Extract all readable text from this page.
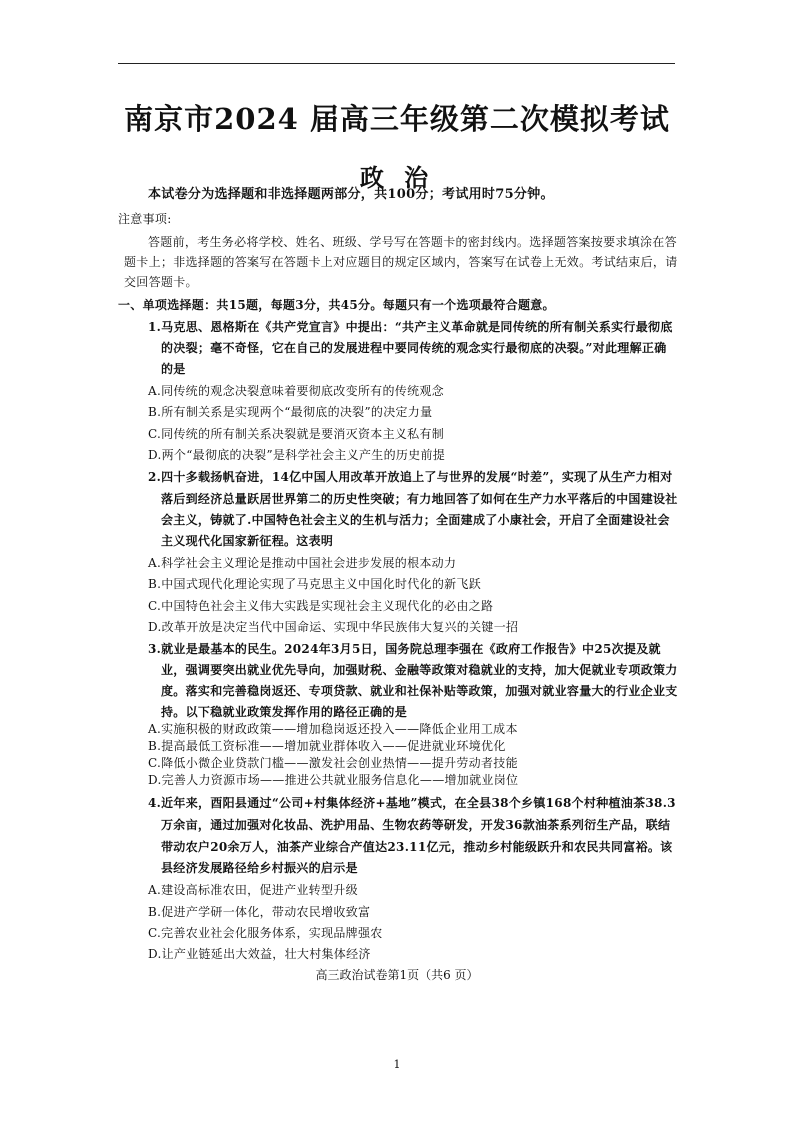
南京市2024 届高三年级第二次模拟考试
政 治
本试卷分为选择题和非选择题两部分，共100分；考试用时75分钟。
注意事项:
答题前，考生务必将学校、姓名、班级、学号写在答题卡的密封线内。选择题答案按要求填涂在答
题卡上；非选择题的答案写在答题卡上对应题目的规定区域内，答案写在试卷上无效。考试结束后，请
交回答题卡。
一、单项选择题：共15题，每题3分，共45分。每题只有一个选项最符合题意。
1.马克思、恩格斯在《共产党宣言》中提出：“共产主义革命就是同传统的所有制关系实行最彻底
的决裂；毫不奇怪，它在自己的发展进程中要同传统的观念实行最彻底的决裂。”对此理解正确
的是
A.同传统的观念决裂意味着要彻底改变所有的传统观念
B.所有制关系是实现两个“最彻底的决裂”的决定力量
C.同传统的所有制关系决裂就是要消灭资本主义私有制
D.两个“最彻底的决裂”是科学社会主义产生的历史前提
2.四十多载扬帆奋进，14亿中国人用改革开放追上了与世界的发展“时差”，实现了从生产力相对
落后到经济总量跃居世界第二的历史性突破；有力地回答了如何在生产力水平落后的中国建设社
会主义，铸就了.中国特色社会主义的生机与活力；全面建成了小康社会，开启了全面建设社会
主义现代化国家新征程。这表明
A.科学社会主义理论是推动中国社会进步发展的根本动力
B.中国式现代化理论实现了马克思主义中国化时代化的新飞跃
C.中国特色社会主义伟大实践是实现社会主义现代化的必由之路
D.改革开放是决定当代中国命运、实现中华民族伟大复兴的关键一招
3.就业是最基本的民生。2024年3月5日，国务院总理李强在《政府工作报告》中25次提及就
业，强调要突出就业优先导向，加强财税、金融等政策对稳就业的支持，加大促就业专项政策力
度。落实和完善稳岗返还、专项贷款、就业和社保补贴等政策，加强对就业容量大的行业企业支
持。以下稳就业政策发挥作用的路径正确的是
A.实施积极的财政政策——增加稳岗返还投入——降低企业用工成本
B.提高最低工资标准——增加就业群体收入——促进就业环境优化
C.降低小微企业贷款门槛——激发社会创业热情——提升劳动者技能
D.完善人力资源市场——推进公共就业服务信息化——增加就业岗位
4.近年来，酉阳县通过“公司+村集体经济+基地”模式，在全县38个乡镇168个村种植油茶38.3
万余亩，通过加强对化妆品、洗护用品、生物农药等研发，开发36款油茶系列衍生产品，联结
带动农户20余万人，油茶产业综合产值达23.11亿元，推动乡村能级跃升和农民共同富裕。该
县经济发展路径给乡村振兴的启示是
A.建设高标准农田，促进产业转型升级
B.促进产学研一体化，带动农民增收致富
C.完善农业社会化服务体系，实现品牌强农
D.让产业链延出大效益，壮大村集体经济
高三政治试卷第1页（共6 页）
1
